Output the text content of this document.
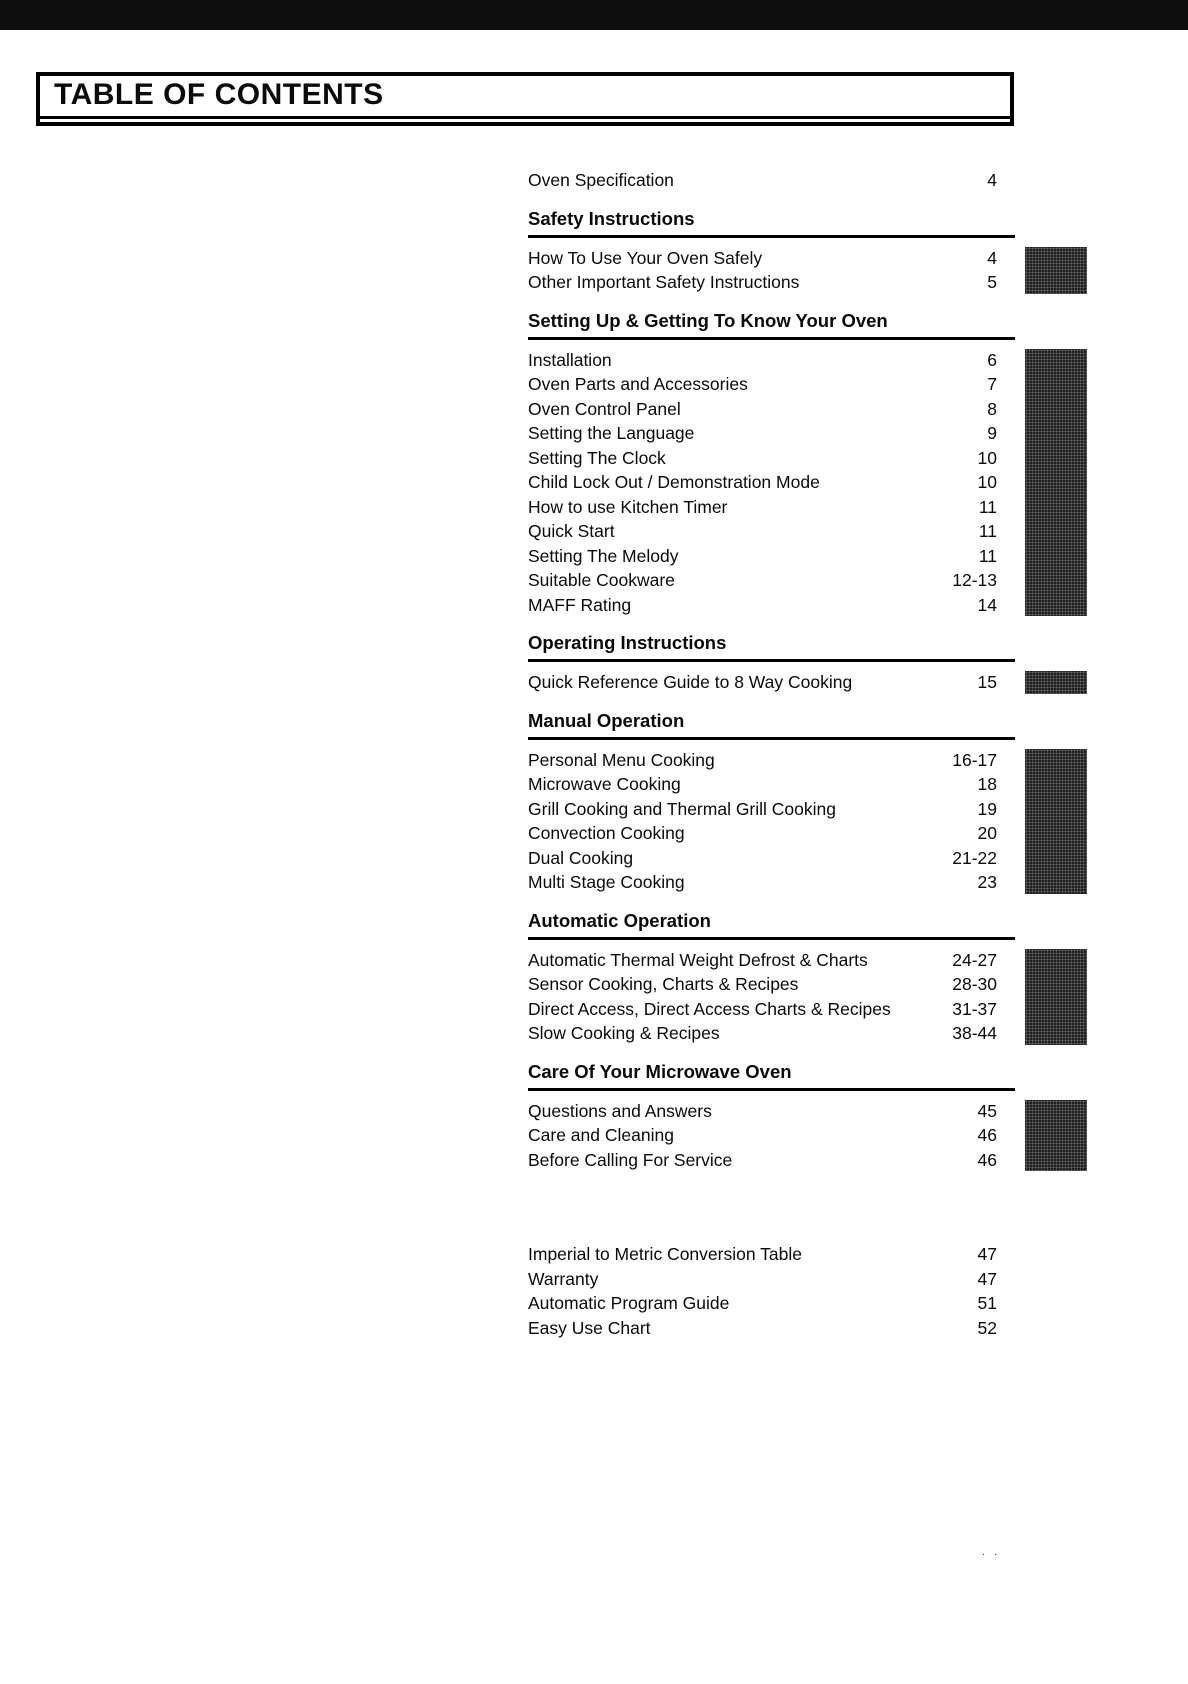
TABLE OF CONTENTS
Oven Specification	4
Safety Instructions
How To Use Your Oven Safely	4
Other Important Safety Instructions	5
Setting Up & Getting To Know Your Oven
Installation	6
Oven Parts and Accessories	7
Oven Control Panel	8
Setting the Language	9
Setting The Clock	10
Child Lock Out / Demonstration Mode	10
How to use Kitchen Timer	11
Quick Start	11
Setting The Melody	11
Suitable Cookware	12-13
MAFF Rating	14
Operating Instructions
Quick Reference Guide to 8 Way Cooking	15
Manual Operation
Personal Menu Cooking	16-17
Microwave Cooking	18
Grill Cooking and Thermal Grill Cooking	19
Convection Cooking	20
Dual Cooking	21-22
Multi Stage Cooking	23
Automatic Operation
Automatic Thermal Weight Defrost & Charts	24-27
Sensor Cooking, Charts & Recipes	28-30
Direct Access, Direct Access Charts & Recipes	31-37
Slow Cooking & Recipes	38-44
Care Of Your Microwave Oven
Questions and Answers	45
Care and Cleaning	46
Before Calling For Service	46
Imperial to Metric Conversion Table	47
Warranty	47
Automatic Program Guide	51
Easy Use Chart	52
. .
